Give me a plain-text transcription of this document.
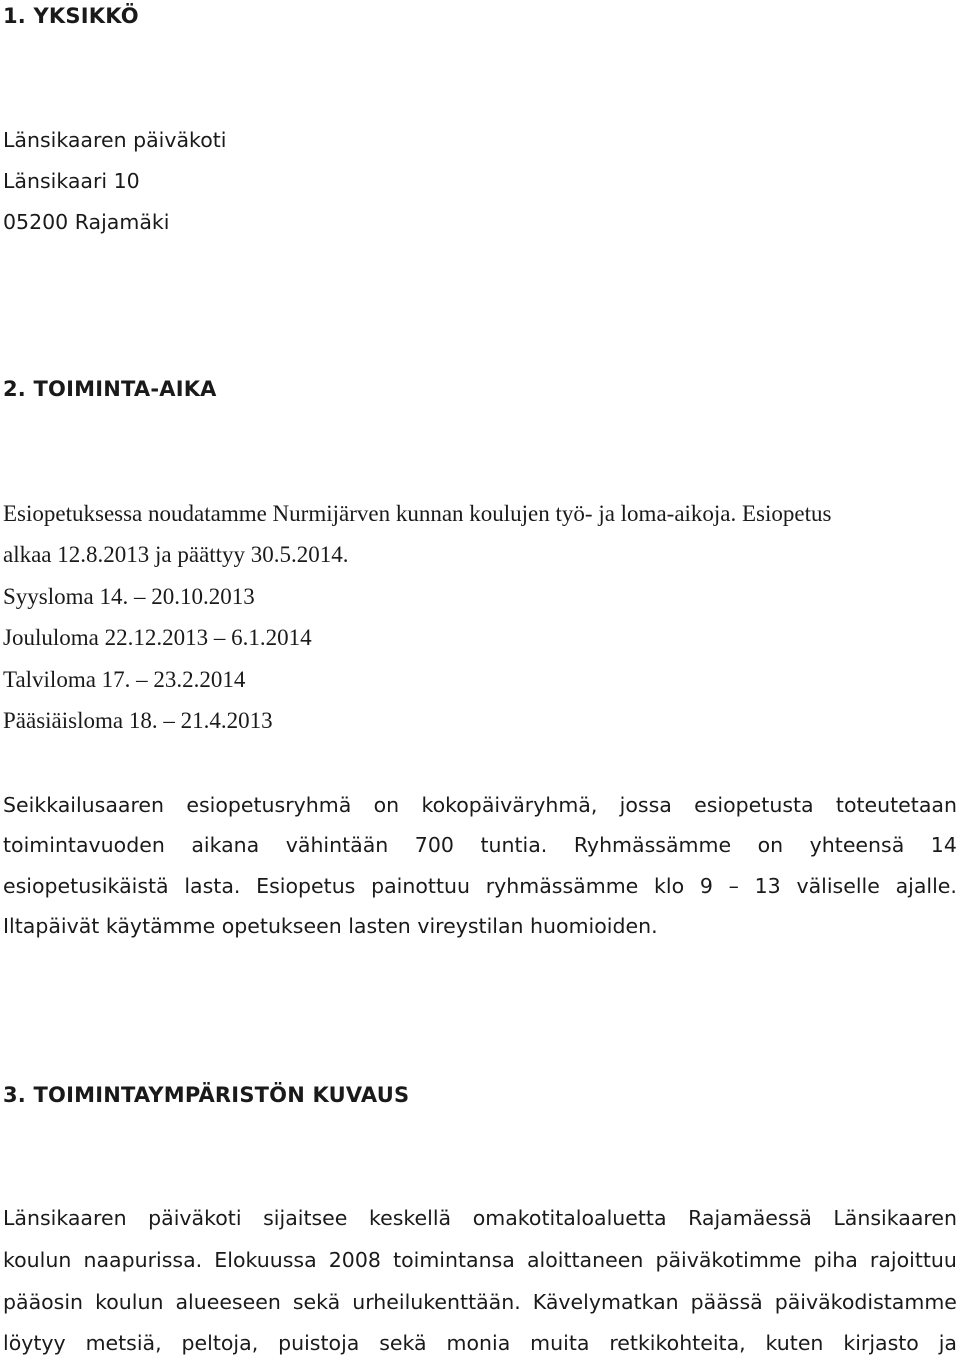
1. YKSIKKÖ
Länsikaaren päiväkoti
Länsikaari 10
05200 Rajamäki
2. TOIMINTA-AIKA
Esiopetuksessa noudatamme Nurmijärven kunnan koulujen työ- ja loma-aikoja. Esiopetus
alkaa 12.8.2013 ja päättyy 30.5.2014.
Syysloma 14. – 20.10.2013
Joululoma 22.12.2013 – 6.1.2014
Talviloma 17. – 23.2.2014
Pääsiäisloma 18. – 21.4.2013
Seikkailusaaren esiopetusryhmä on kokopäiväryhmä, jossa esiopetusta toteutetaan
toimintavuoden aikana vähintään 700 tuntia. Ryhmässämme on yhteensä 14
esiopetusikäistä lasta. Esiopetus painottuu ryhmässämme klo 9 – 13 väliselle ajalle.
Iltapäivät käytämme opetukseen lasten vireystilan huomioiden.
3. TOIMINTAYMPÄRISTÖN KUVAUS
Länsikaaren päiväkoti sijaitsee keskellä omakotitaloaluetta Rajamäessä Länsikaaren
koulun naapurissa. Elokuussa 2008 toimintansa aloittaneen päiväkotimme piha rajoittuu
pääosin koulun alueeseen sekä urheilukenttään. Kävelymatkan päässä päiväkodistamme
löytyy metsiä, peltoja, puistoja sekä monia muita retkikohteita, kuten kirjasto ja
